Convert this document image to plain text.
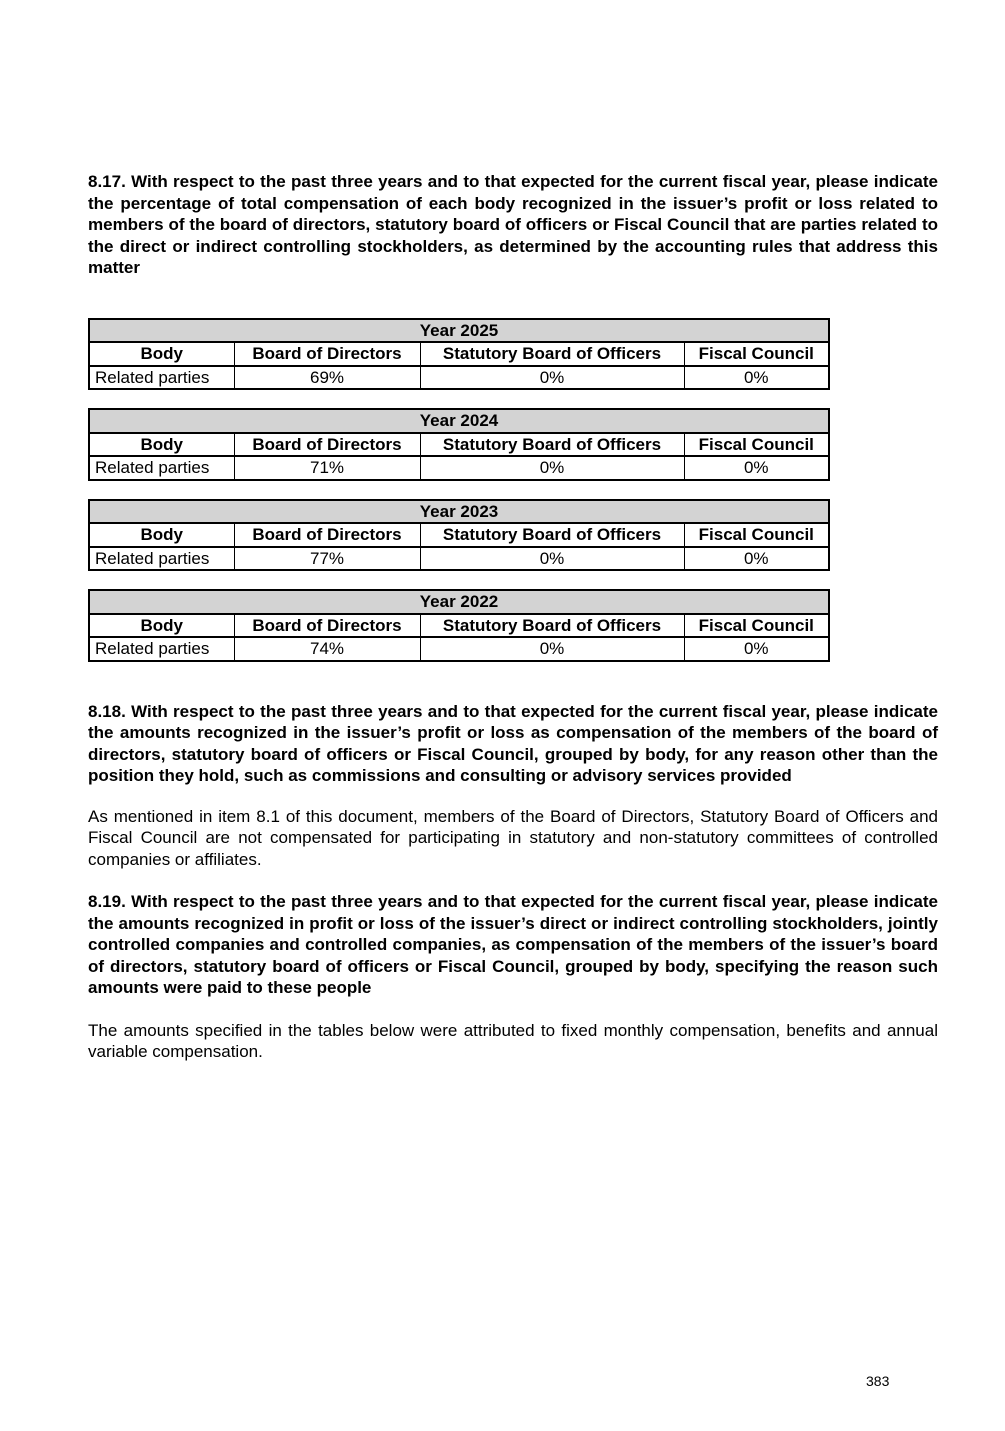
8.17. With respect to the past three years and to that expected for the current fiscal year, please indicate the percentage of total compensation of each body recognized in the issuer’s profit or loss related to members of the board of directors, statutory board of officers or Fiscal Council that are parties related to the direct or indirect controlling stockholders, as determined by the accounting rules that address this matter

Year 2025			
Body	Board of Directors	Statutory Board of Officers	Fiscal Council
Related parties	69%	0%	0%
Year 2024			
Body	Board of Directors	Statutory Board of Officers	Fiscal Council
Related parties	71%	0%	0%
Year 2023			
Body	Board of Directors	Statutory Board of Officers	Fiscal Council
Related parties	77%	0%	0%
Year 2022			
Body	Board of Directors	Statutory Board of Officers	Fiscal Council
Related parties	74%	0%	0%

8.18. With respect to the past three years and to that expected for the current fiscal year, please indicate the amounts recognized in the issuer’s profit or loss as compensation of the members of the board of directors, statutory board of officers or Fiscal Council, grouped by body, for any reason other than the position they hold, such as commissions and consulting or advisory services provided

As mentioned in item 8.1 of this document, members of the Board of Directors, Statutory Board of Officers and Fiscal Council are not compensated for participating in statutory and non-statutory committees of controlled companies or affiliates.

8.19. With respect to the past three years and to that expected for the current fiscal year, please indicate the amounts recognized in profit or loss of the issuer’s direct or indirect controlling stockholders, jointly controlled companies and controlled companies, as compensation of the members of the issuer’s board of directors, statutory board of officers or Fiscal Council, grouped by body, specifying the reason such amounts were paid to these people

The amounts specified in the tables below were attributed to fixed monthly compensation, benefits and annual variable compensation.

383
